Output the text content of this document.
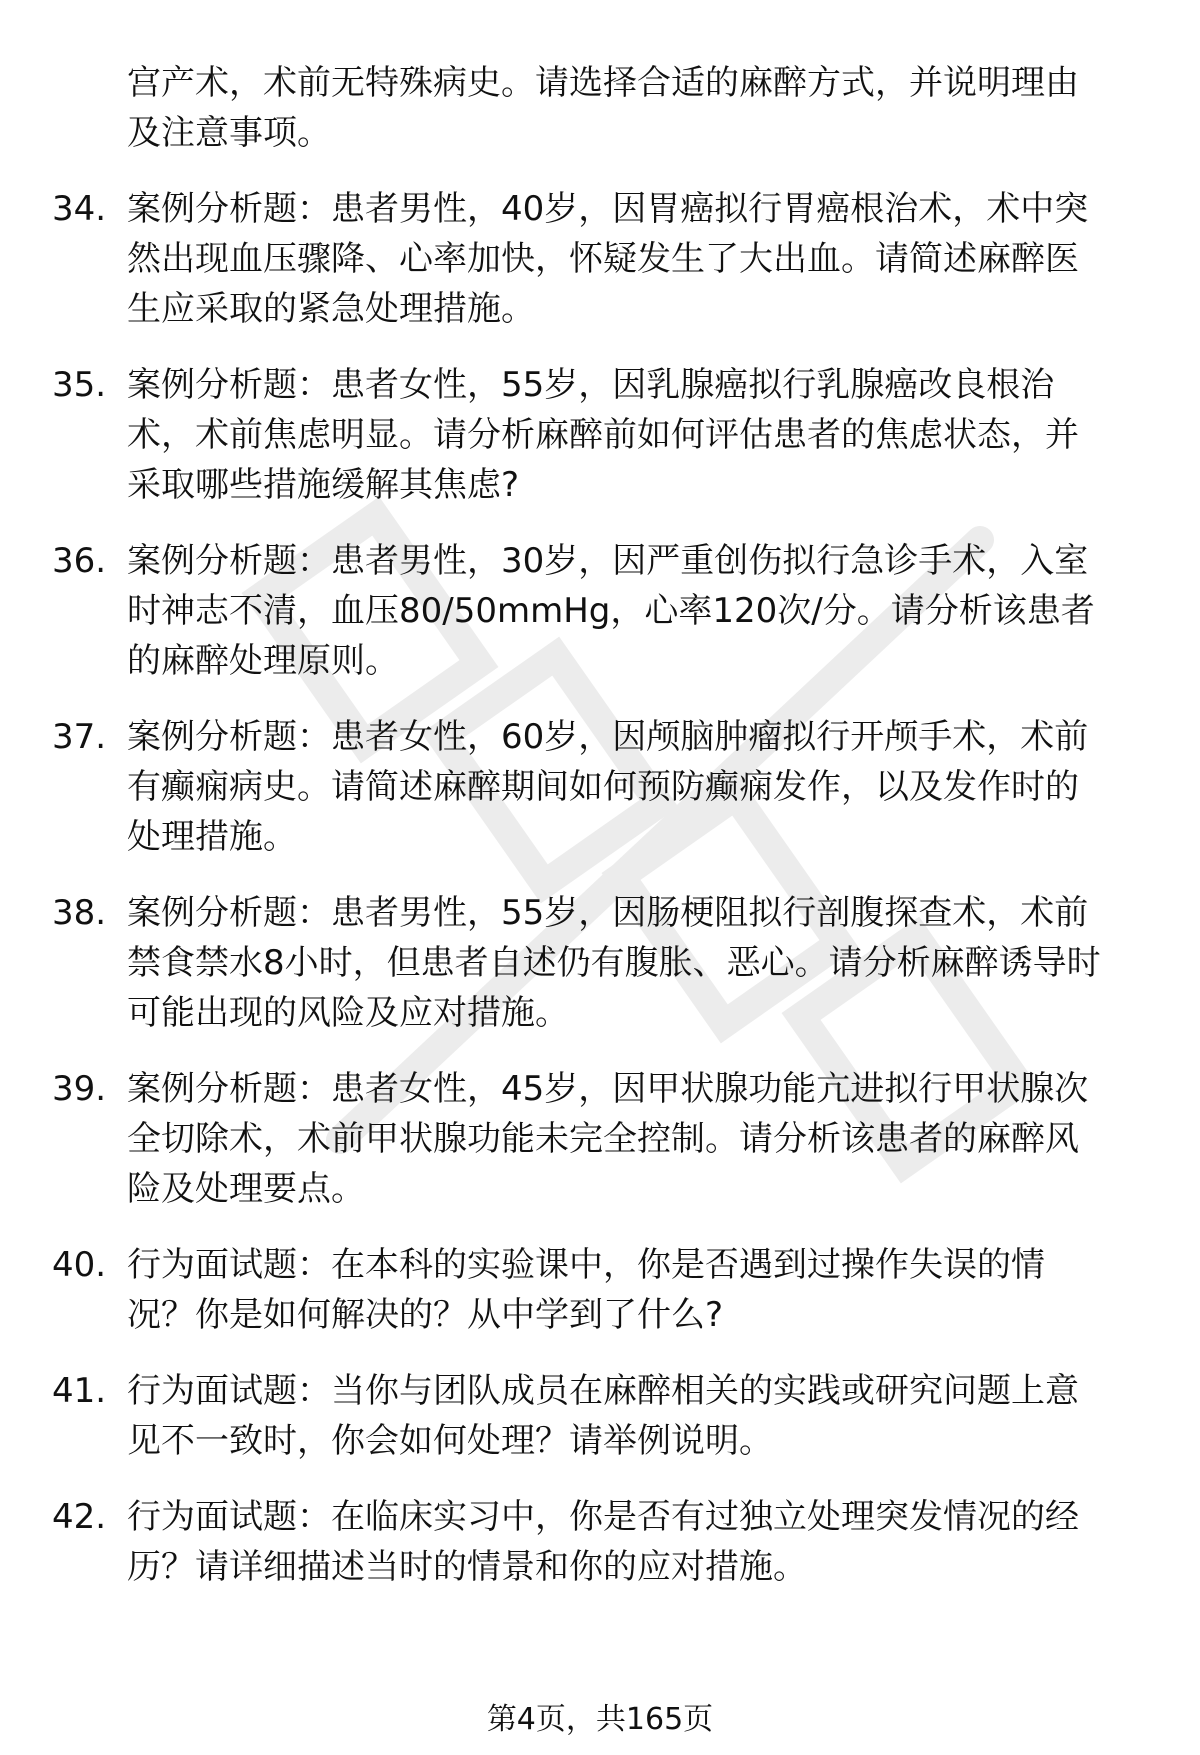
宫产术，术前无特殊病史。请选择合适的麻醉方式，并说明理由
及注意事项。
34. 案例分析题：患者男性，40岁，因胃癌拟行胃癌根治术，术中突
然出现血压骤降、心率加快，怀疑发生了大出血。请简述麻醉医
生应采取的紧急处理措施。
35. 案例分析题：患者女性，55岁，因乳腺癌拟行乳腺癌改良根治
术，术前焦虑明显。请分析麻醉前如何评估患者的焦虑状态，并
采取哪些措施缓解其焦虑?
36. 案例分析题：患者男性，30岁，因严重创伤拟行急诊手术，入室
时神志不清，血压80/50mmHg，心率120次/分。请分析该患者
的麻醉处理原则。
37. 案例分析题：患者女性，60岁，因颅脑肿瘤拟行开颅手术，术前
有癫痫病史。请简述麻醉期间如何预防癫痫发作，以及发作时的
处理措施。
38. 案例分析题：患者男性，55岁，因肠梗阻拟行剖腹探查术，术前
禁食禁水8小时，但患者自述仍有腹胀、恶心。请分析麻醉诱导时
可能出现的风险及应对措施。
39. 案例分析题：患者女性，45岁，因甲状腺功能亢进拟行甲状腺次
全切除术，术前甲状腺功能未完全控制。请分析该患者的麻醉风
险及处理要点。
40. 行为面试题：在本科的实验课中，你是否遇到过操作失误的情
况？你是如何解决的？从中学到了什么?
41. 行为面试题：当你与团队成员在麻醉相关的实践或研究问题上意
见不一致时，你会如何处理？请举例说明。
42. 行为面试题：在临床实习中，你是否有过独立处理突发情况的经
历？请详细描述当时的情景和你的应对措施。
第4页，共165页
